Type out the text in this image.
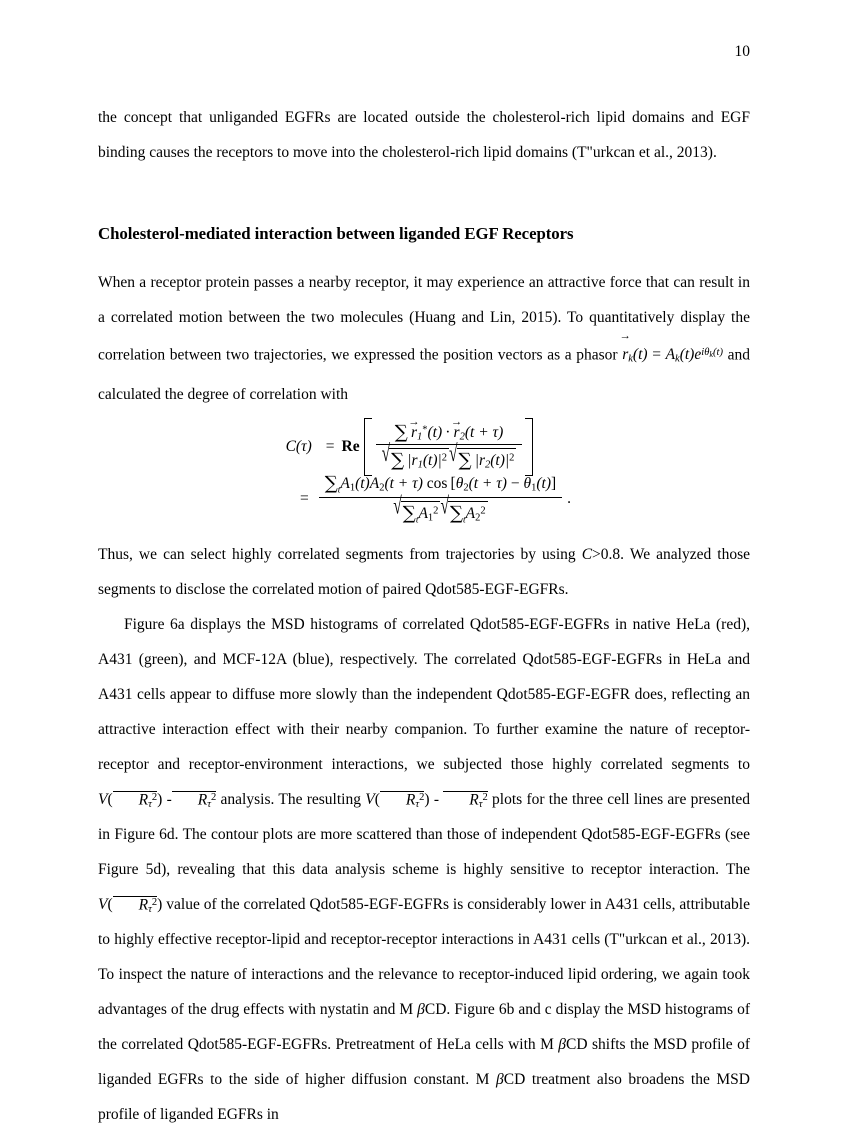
10

the concept that unliganded EGFRs are located outside the cholesterol-rich lipid domains and EGF binding causes the receptors to move into the cholesterol-rich lipid domains (T"urkcan et al., 2013).

Cholesterol-mediated interaction between liganded EGF Receptors

When a receptor protein passes a nearby receptor, it may experience an attractive force that can result in a correlated motion between the two molecules (Huang and Lin, 2015). To quantitatively display the correlation between two trajectories, we expressed the position vectors as a phasor
→
$r_k(t) = A_k(t)e^{i\theta k(t)}$ and calculated the degree of correlation with

C(τ) = Re ∑  →
$r_1^*(t)$  · 
→
$r_2(t + \tau)$
√ ∑  $|r_1(t)|^2$ √ ∑  $|r_2(t)|^2$
= $\frac{\sum_tA_1(t)A_2(t + \tau) \cos [\theta_2(t + \tau) - \theta_1(t)]}{√ \sum_tA_1^2 √ \sum_tA_2^2}$ .

Thus, we can select highly correlated segments from trajectories by using C>0.8. We analyzed those segments to disclose the correlated motion of paired Qdot585-EGF-EGFRs.

Figure 6a displays the MSD histograms of correlated Qdot585-EGF-EGFRs in native HeLa (red), A431 (green), and MCF-12A (blue), respectively. The correlated Qdot585-EGF-EGFRs in HeLa and A431 cells appear to diffuse more slowly than the independent Qdot585-EGF-EGFR does, reflecting an attractive interaction effect with their nearby companion. To further examine the nature of receptor-receptor and receptor-environment interactions, we subjected those highly correlated segments to V( $R_\tau^2) - R_\tau^2$ analysis. The resulting V( $R_\tau^2) - R_\tau^2$ plots for the three cell lines are presented in Figure 6d. The contour plots are more scattered than those of independent Qdot585-EGF-EGFRs (see Figure 5d), revealing that this data analysis scheme is highly sensitive to receptor interaction. The V( $R_\tau^2$) value of the correlated Qdot585-EGF-EGFRs is considerably lower in A431 cells, attributable to highly effective receptor-lipid and receptor-receptor interactions in A431 cells (T"urkcan et al., 2013). To inspect the nature of interactions and the relevance to receptor-induced lipid ordering, we again took advantages of the drug effects with nystatin and M βCD. Figure 6b and c display the MSD histograms of the correlated Qdot585-EGF-EGFRs. Pretreatment of HeLa cells with M βCD shifts the MSD profile of liganded EGFRs to the side of higher diffusion constant. M βCD treatment also broadens the MSD profile of liganded EGFRs in
